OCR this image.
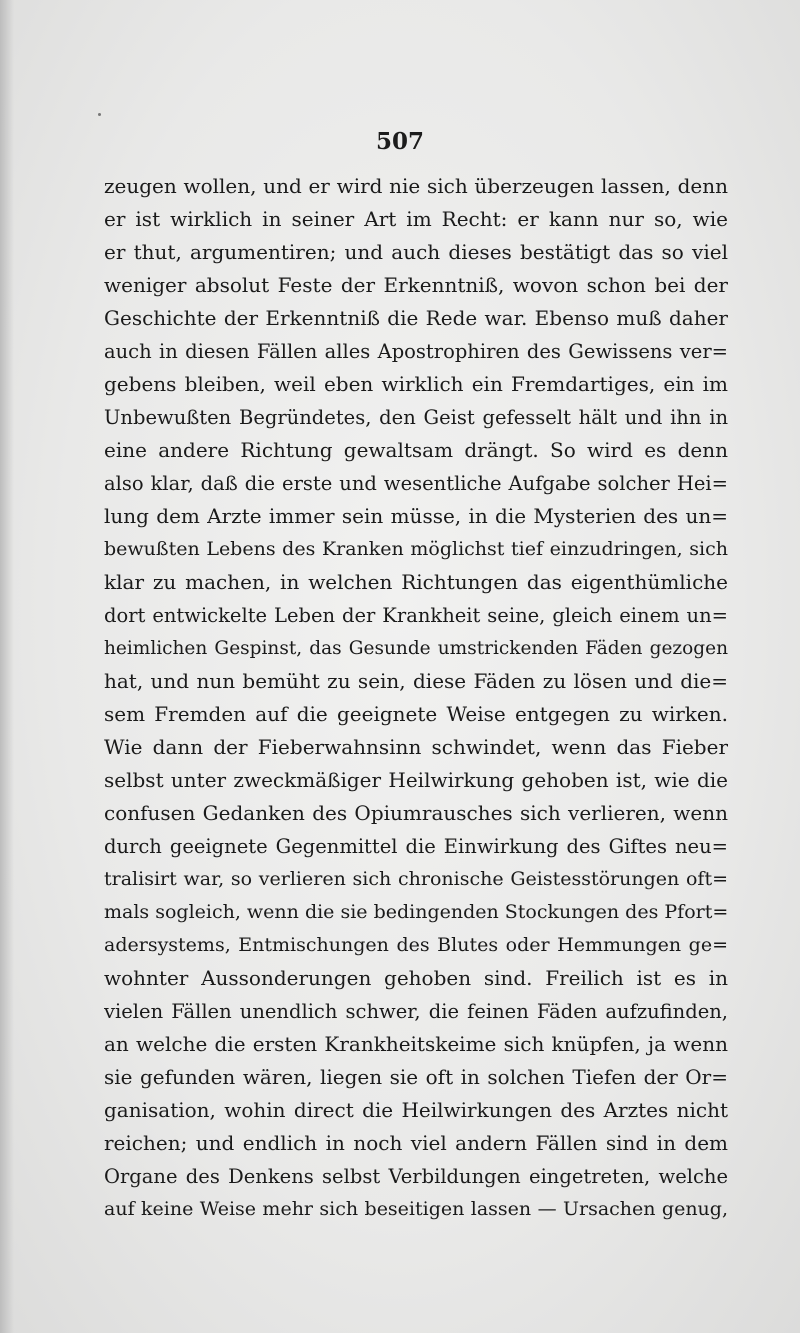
507
zeugen wollen, und er wird nie sich überzeugen lassen, denn
er ist wirklich in seiner Art im Recht: er kann nur so, wie
er thut, argumentiren; und auch dieses bestätigt das so viel
weniger absolut Feste der Erkenntniß, wovon schon bei der
Geschichte der Erkenntniß die Rede war. Ebenso muß daher
auch in diesen Fällen alles Apostrophiren des Gewissens ver=
gebens bleiben, weil eben wirklich ein Fremdartiges, ein im
Unbewußten Begründetes, den Geist gefesselt hält und ihn in
eine andere Richtung gewaltsam drängt. So wird es denn
also klar, daß die erste und wesentliche Aufgabe solcher Hei=
lung dem Arzte immer sein müsse, in die Mysterien des un=
bewußten Lebens des Kranken möglichst tief einzudringen, sich
klar zu machen, in welchen Richtungen das eigenthümliche
dort entwickelte Leben der Krankheit seine, gleich einem un=
heimlichen Gespinst, das Gesunde umstrickenden Fäden gezogen
hat, und nun bemüht zu sein, diese Fäden zu lösen und die=
sem Fremden auf die geeignete Weise entgegen zu wirken.
Wie dann der Fieberwahnsinn schwindet, wenn das Fieber
selbst unter zweckmäßiger Heilwirkung gehoben ist, wie die
confusen Gedanken des Opiumrausches sich verlieren, wenn
durch geeignete Gegenmittel die Einwirkung des Giftes neu=
tralisirt war, so verlieren sich chronische Geistesstörungen oft=
mals sogleich, wenn die sie bedingenden Stockungen des Pfort=
adersystems, Entmischungen des Blutes oder Hemmungen ge=
wohnter Aussonderungen gehoben sind. Freilich ist es in
vielen Fällen unendlich schwer, die feinen Fäden aufzufinden,
an welche die ersten Krankheitskeime sich knüpfen, ja wenn
sie gefunden wären, liegen sie oft in solchen Tiefen der Or=
ganisation, wohin direct die Heilwirkungen des Arztes nicht
reichen; und endlich in noch viel andern Fällen sind in dem
Organe des Denkens selbst Verbildungen eingetreten, welche
auf keine Weise mehr sich beseitigen lassen — Ursachen genug,
